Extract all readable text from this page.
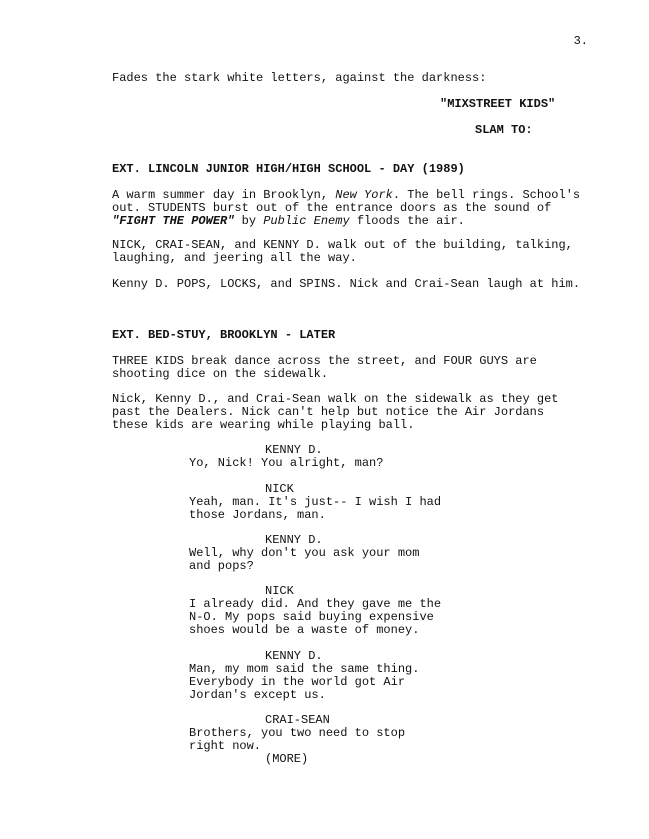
3.

Fades the stark white letters, against the darkness:

"MIXSTREET KIDS"

SLAM TO:

EXT. LINCOLN JUNIOR HIGH/HIGH SCHOOL - DAY (1989)

A warm summer day in Brooklyn, New York. The bell rings. School's out. STUDENTS burst out of the entrance doors as the sound of "FIGHT THE POWER" by Public Enemy floods the air.

NICK, CRAI-SEAN, and KENNY D. walk out of the building, talking, laughing, and jeering all the way.

Kenny D. POPS, LOCKS, and SPINS. Nick and Crai-Sean laugh at him.

EXT. BED-STUY, BROOKLYN - LATER

THREE KIDS break dance across the street, and FOUR GUYS are shooting dice on the sidewalk.

Nick, Kenny D., and Crai-Sean walk on the sidewalk as they get past the Dealers. Nick can't help but notice the Air Jordans these kids are wearing while playing ball.

KENNY D.

Yo, Nick! You alright, man?

NICK

Yeah, man. It's just-- I wish I had
those Jordans, man.

KENNY D.

Well, why don't you ask your mom
and pops?

NICK

I already did. And they gave me the
N-O. My pops said buying expensive
shoes would be a waste of money.

KENNY D.

Man, my mom said the same thing.
Everybody in the world got Air
Jordan's except us.

CRAI-SEAN

Brothers, you two need to stop
right now.

(MORE)
